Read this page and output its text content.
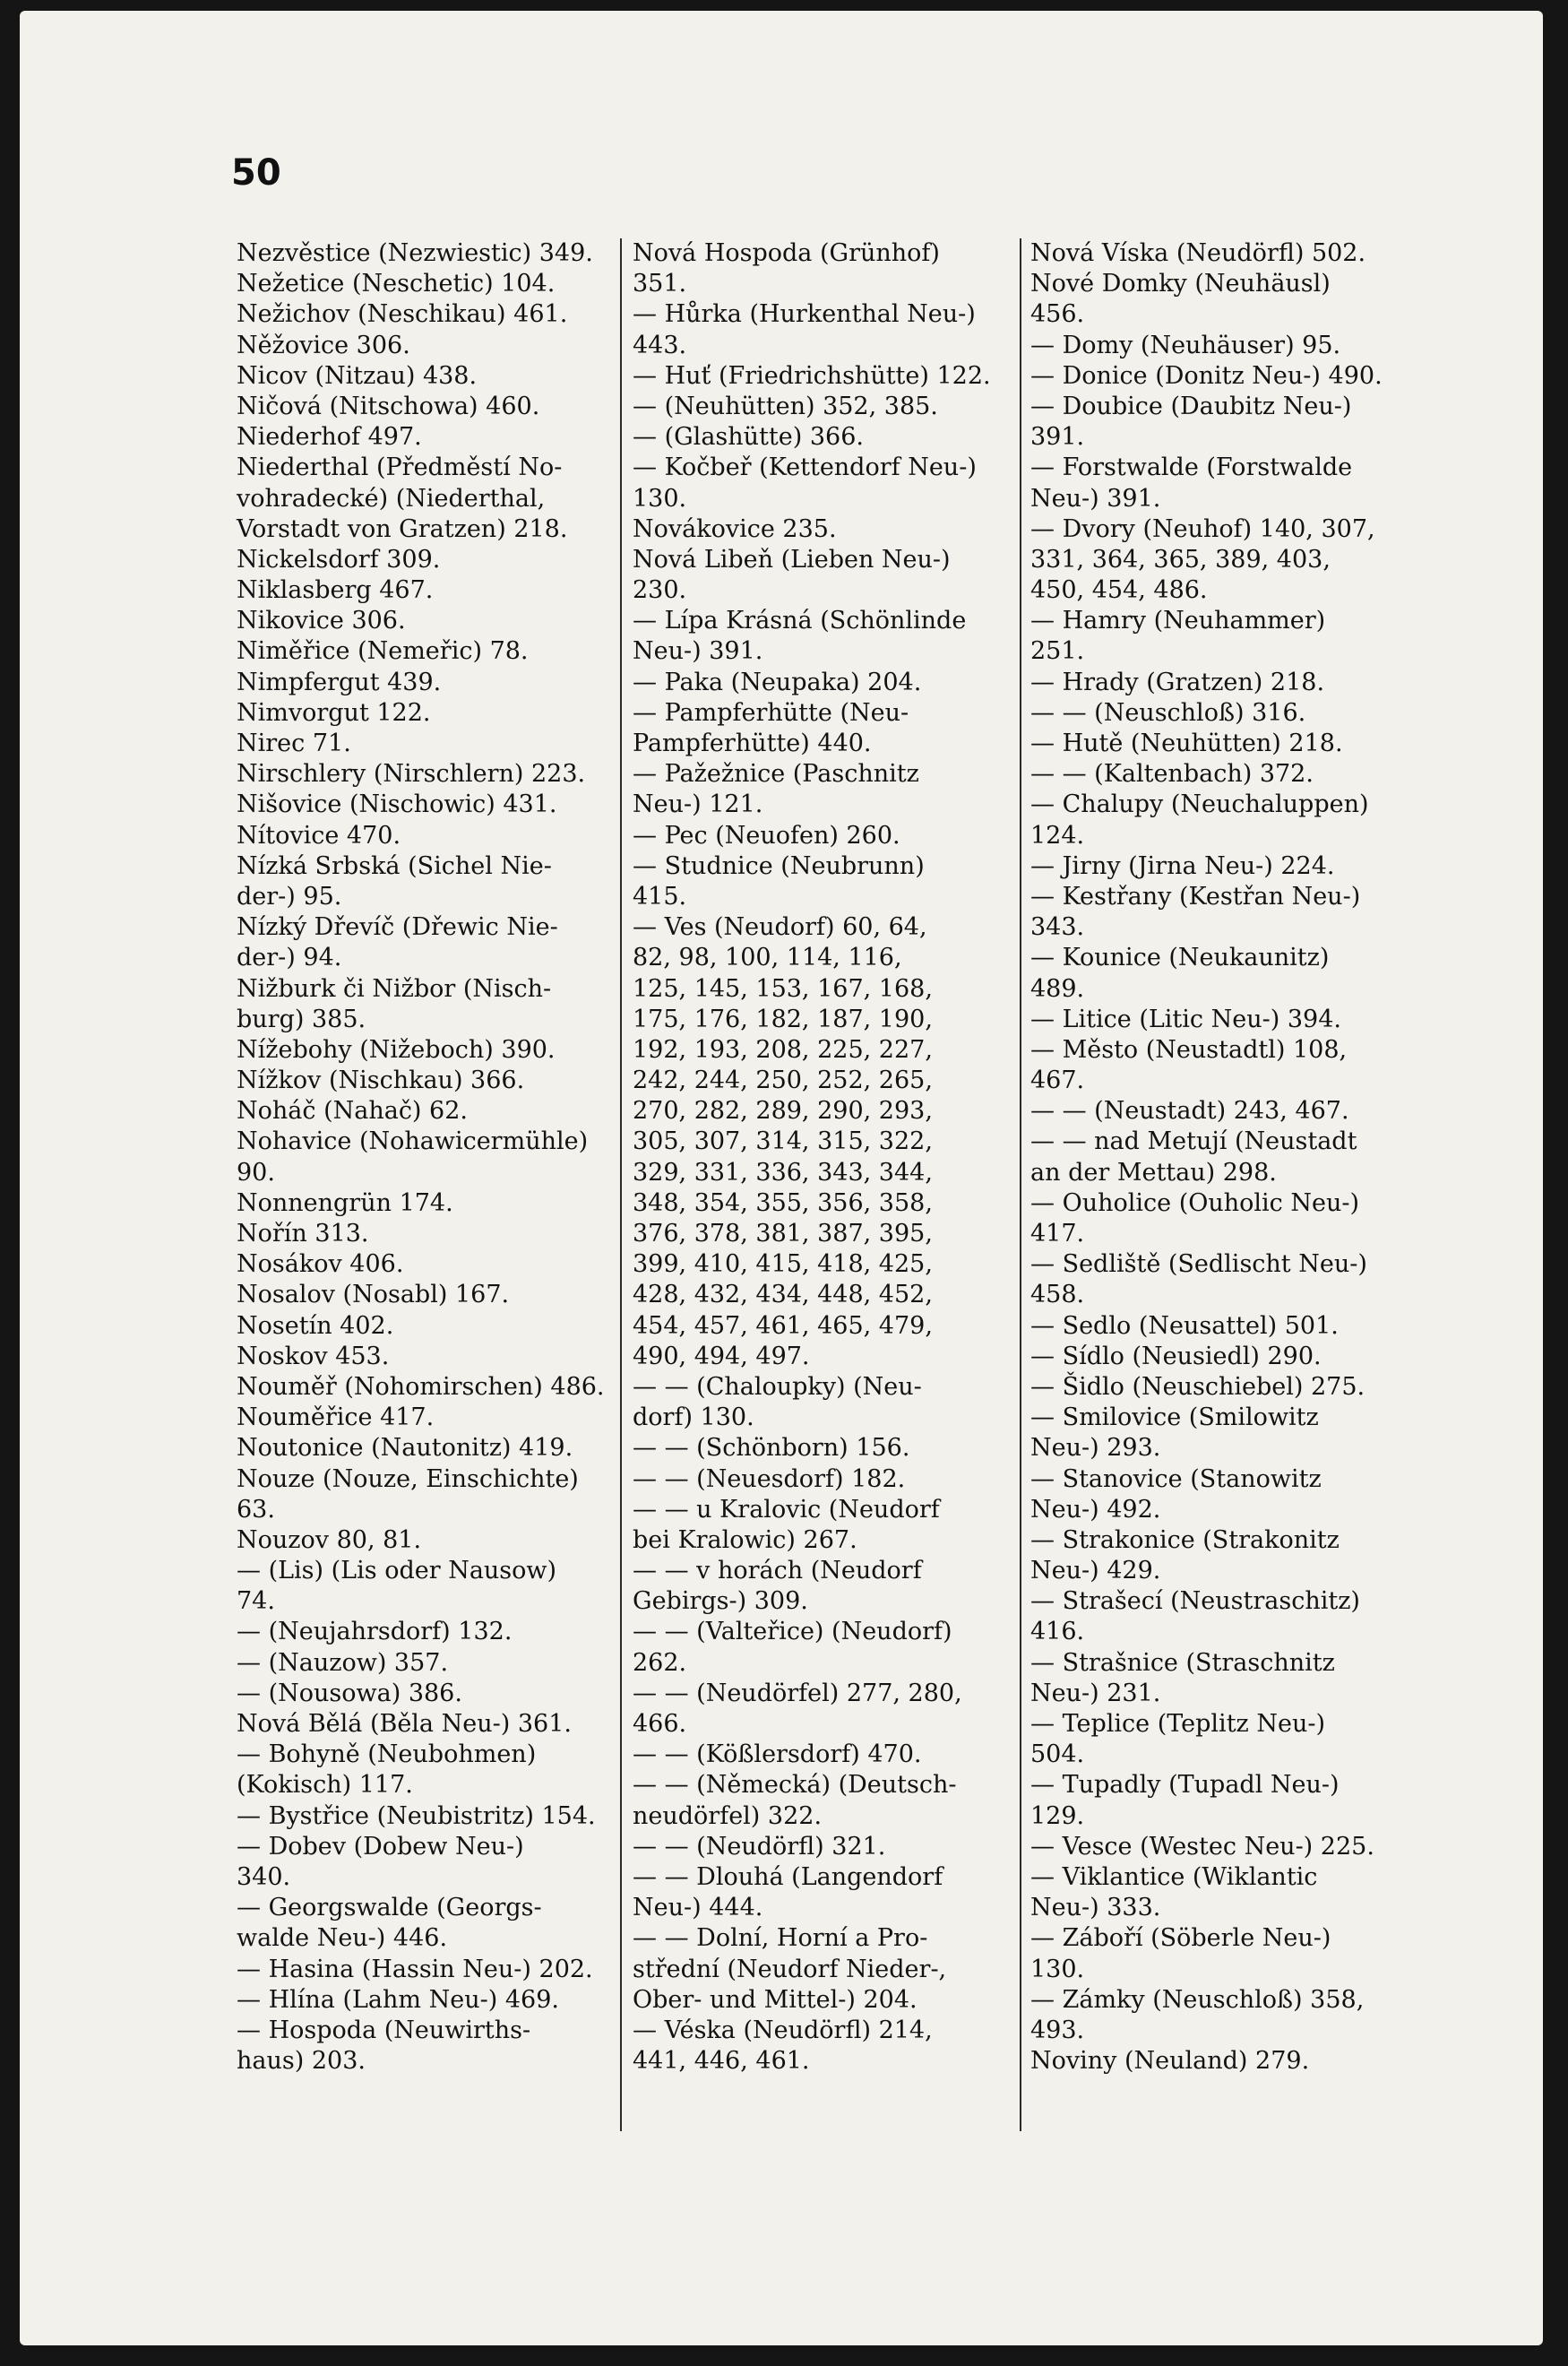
50
Nezvěstice (Nezwiestic) 349.
Nežetice (Neschetic) 104.
Nežichov (Neschikau) 461.
Něžovice 306.
Nicov (Nitzau) 438.
Ničová (Nitschowa) 460.
Niederhof 497.
Niederthal (Předměstí No-
vohradecké) (Niederthal,
Vorstadt von Gratzen) 218.
Nickelsdorf 309.
Niklasberg 467.
Nikovice 306.
Niměřice (Nemeřic) 78.
Nimpfergut 439.
Nimvorgut 122.
Nirec 71.
Nirschlery (Nirschlern) 223.
Nišovice (Nischowic) 431.
Nítovice 470.
Nízká Srbská (Sichel Nie-
der-) 95.
Nízký Dřevíč (Dřewic Nie-
der-) 94.
Nižburk či Nižbor (Nisch-
burg) 385.
Nížebohy (Nižeboch) 390.
Nížkov (Nischkau) 366.
Noháč (Nahač) 62.
Nohavice (Nohawicermühle)
90.
Nonnengrün 174.
Nořín 313.
Nosákov 406.
Nosalov (Nosabl) 167.
Nosetín 402.
Noskov 453.
Nouměř (Nohomirschen) 486.
Nouměřice 417.
Noutonice (Nautonitz) 419.
Nouze (Nouze, Einschichte)
63.
Nouzov 80, 81.
— (Lis) (Lis oder Nausow)
74.
— (Neujahrsdorf) 132.
— (Nauzow) 357.
— (Nousowa) 386.
Nová Bělá (Běla Neu-) 361.
— Bohyně (Neubohmen)
(Kokisch) 117.
— Bystřice (Neubistritz) 154.
— Dobev (Dobew Neu-)
340.
— Georgswalde (Georgs-
walde Neu-) 446.
— Hasina (Hassin Neu-) 202.
— Hlína (Lahm Neu-) 469.
— Hospoda (Neuwirths-
haus) 203.
Nová Hospoda (Grünhof)
351.
— Hůrka (Hurkenthal Neu-)
443.
— Huť (Friedrichshütte) 122.
— (Neuhütten) 352, 385.
— (Glashütte) 366.
— Kočbeř (Kettendorf Neu-)
130.
Novákovice 235.
Nová Libeň (Lieben Neu-)
230.
— Lípa Krásná (Schönlinde
Neu-) 391.
— Paka (Neupaka) 204.
— Pampferhütte (Neu-
Pampferhütte) 440.
— Pažežnice (Paschnitz
Neu-) 121.
— Pec (Neuofen) 260.
— Studnice (Neubrunn)
415.
— Ves (Neudorf) 60, 64,
82, 98, 100, 114, 116,
125, 145, 153, 167, 168,
175, 176, 182, 187, 190,
192, 193, 208, 225, 227,
242, 244, 250, 252, 265,
270, 282, 289, 290, 293,
305, 307, 314, 315, 322,
329, 331, 336, 343, 344,
348, 354, 355, 356, 358,
376, 378, 381, 387, 395,
399, 410, 415, 418, 425,
428, 432, 434, 448, 452,
454, 457, 461, 465, 479,
490, 494, 497.
— — (Chaloupky) (Neu-
dorf) 130.
— — (Schönborn) 156.
— — (Neuesdorf) 182.
— — u Kralovic (Neudorf
bei Kralowic) 267.
— — v horách (Neudorf
Gebirgs-) 309.
— — (Valteřice) (Neudorf)
262.
— — (Neudörfel) 277, 280,
466.
— — (Kößlersdorf) 470.
— — (Německá) (Deutsch-
neudörfel) 322.
— — (Neudörfl) 321.
— — Dlouhá (Langendorf
Neu-) 444.
— — Dolní, Horní a Pro-
střední (Neudorf Nieder-,
Ober- und Mittel-) 204.
— Véska (Neudörfl) 214,
441, 446, 461.
Nová Víska (Neudörfl) 502.
Nové Domky (Neuhäusl)
456.
— Domy (Neuhäuser) 95.
— Donice (Donitz Neu-) 490.
— Doubice (Daubitz Neu-)
391.
— Forstwalde (Forstwalde
Neu-) 391.
— Dvory (Neuhof) 140, 307,
331, 364, 365, 389, 403,
450, 454, 486.
— Hamry (Neuhammer)
251.
— Hrady (Gratzen) 218.
— — (Neuschloß) 316.
— Hutě (Neuhütten) 218.
— — (Kaltenbach) 372.
— Chalupy (Neuchaluppen)
124.
— Jirny (Jirna Neu-) 224.
— Kestřany (Kestřan Neu-)
343.
— Kounice (Neukaunitz)
489.
— Litice (Litic Neu-) 394.
— Město (Neustadtl) 108,
467.
— — (Neustadt) 243, 467.
— — nad Metují (Neustadt
an der Mettau) 298.
— Ouholice (Ouholic Neu-)
417.
— Sedliště (Sedlischt Neu-)
458.
— Sedlo (Neusattel) 501.
— Sídlo (Neusiedl) 290.
— Šidlo (Neuschiebel) 275.
— Smilovice (Smilowitz
Neu-) 293.
— Stanovice (Stanowitz
Neu-) 492.
— Strakonice (Strakonitz
Neu-) 429.
— Strašecí (Neustraschitz)
416.
— Strašnice (Straschnitz
Neu-) 231.
— Teplice (Teplitz Neu-)
504.
— Tupadly (Tupadl Neu-)
129.
— Vesce (Westec Neu-) 225.
— Viklantice (Wiklantic
Neu-) 333.
— Záboří (Söberle Neu-)
130.
— Zámky (Neuschloß) 358,
493.
Noviny (Neuland) 279.
